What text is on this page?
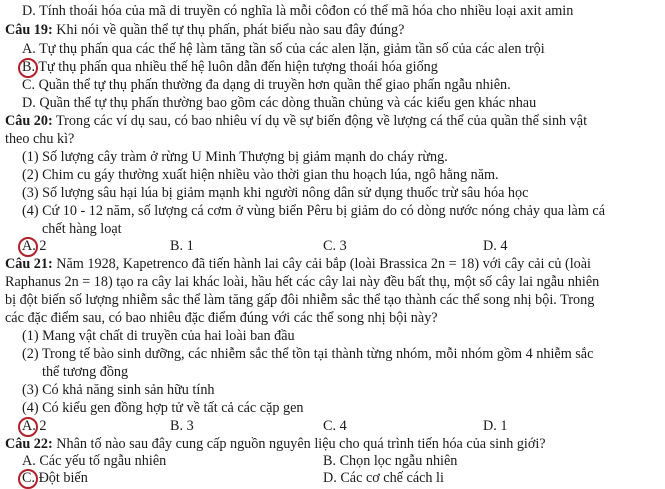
D. Tính thoái hóa của mã di truyền có nghĩa là mỗi côđon có thể mã hóa cho nhiều loại axit amin
Câu 19: Khi nói về quần thể tự thụ phấn, phát biểu nào sau đây đúng?
A. Tự thụ phấn qua các thế hệ làm tăng tần số của các alen lặn, giảm tần số của các alen trội
B. Tự thụ phấn qua nhiều thế hệ luôn dẫn đến hiện tượng thoái hóa giống
C. Quần thể tự thụ phấn thường đa dạng di truyền hơn quần thể giao phấn ngẫu nhiên.
D. Quần thể tự thụ phấn thường bao gồm các dòng thuần chủng và các kiểu gen khác nhau
Câu 20: Trong các ví dụ sau, có bao nhiêu ví dụ về sự biến động về lượng cá thể của quần thể sinh vật
theo chu kì?
(1) Số lượng cây tràm ở rừng U Minh Thượng bị giảm mạnh do cháy rừng.
(2) Chim cu gáy thường xuất hiện nhiều vào thời gian thu hoạch lúa, ngô hằng năm.
(3) Số lượng sâu hại lúa bị giảm mạnh khi người nông dân sử dụng thuốc trừ sâu hóa học
(4) Cứ 10 - 12 năm, số lượng cá cơm ở vùng biển Pêru bị giảm do có dòng nước nóng chảy qua làm cá
chết hàng loạt
A. 2	B. 1	C. 3	D. 4
Câu 21: Năm 1928, Kapetrenco đã tiến hành lai cây cải bắp (loài Brassica 2n = 18) với cây cải củ (loài
Raphanus 2n = 18) tạo ra cây lai khác loài, hầu hết các cây lai này đều bất thụ, một số cây lai ngẫu nhiên
bị đột biến số lượng nhiễm sắc thể làm tăng gấp đôi nhiễm sắc thể tạo thành các thể song nhị bội. Trong
các đặc điểm sau, có bao nhiêu đặc điểm đúng với các thể song nhị bội này?
(1) Mang vật chất di truyền của hai loài ban đầu
(2) Trong tế bào sinh dưỡng, các nhiễm sắc thể tồn tại thành từng nhóm, mỗi nhóm gồm 4 nhiễm sắc
thể tương đồng
(3) Có khả năng sinh sản hữu tính
(4) Có kiểu gen đồng hợp tử về tất cả các cặp gen
A. 2	B. 3	C. 4	D. 1
Câu 22: Nhân tố nào sau đây cung cấp nguồn nguyên liệu cho quá trình tiến hóa của sinh giới?
A. Các yếu tố ngẫu nhiên	B. Chọn lọc ngẫu nhiên
C. Đột biến	D. Các cơ chế cách li
